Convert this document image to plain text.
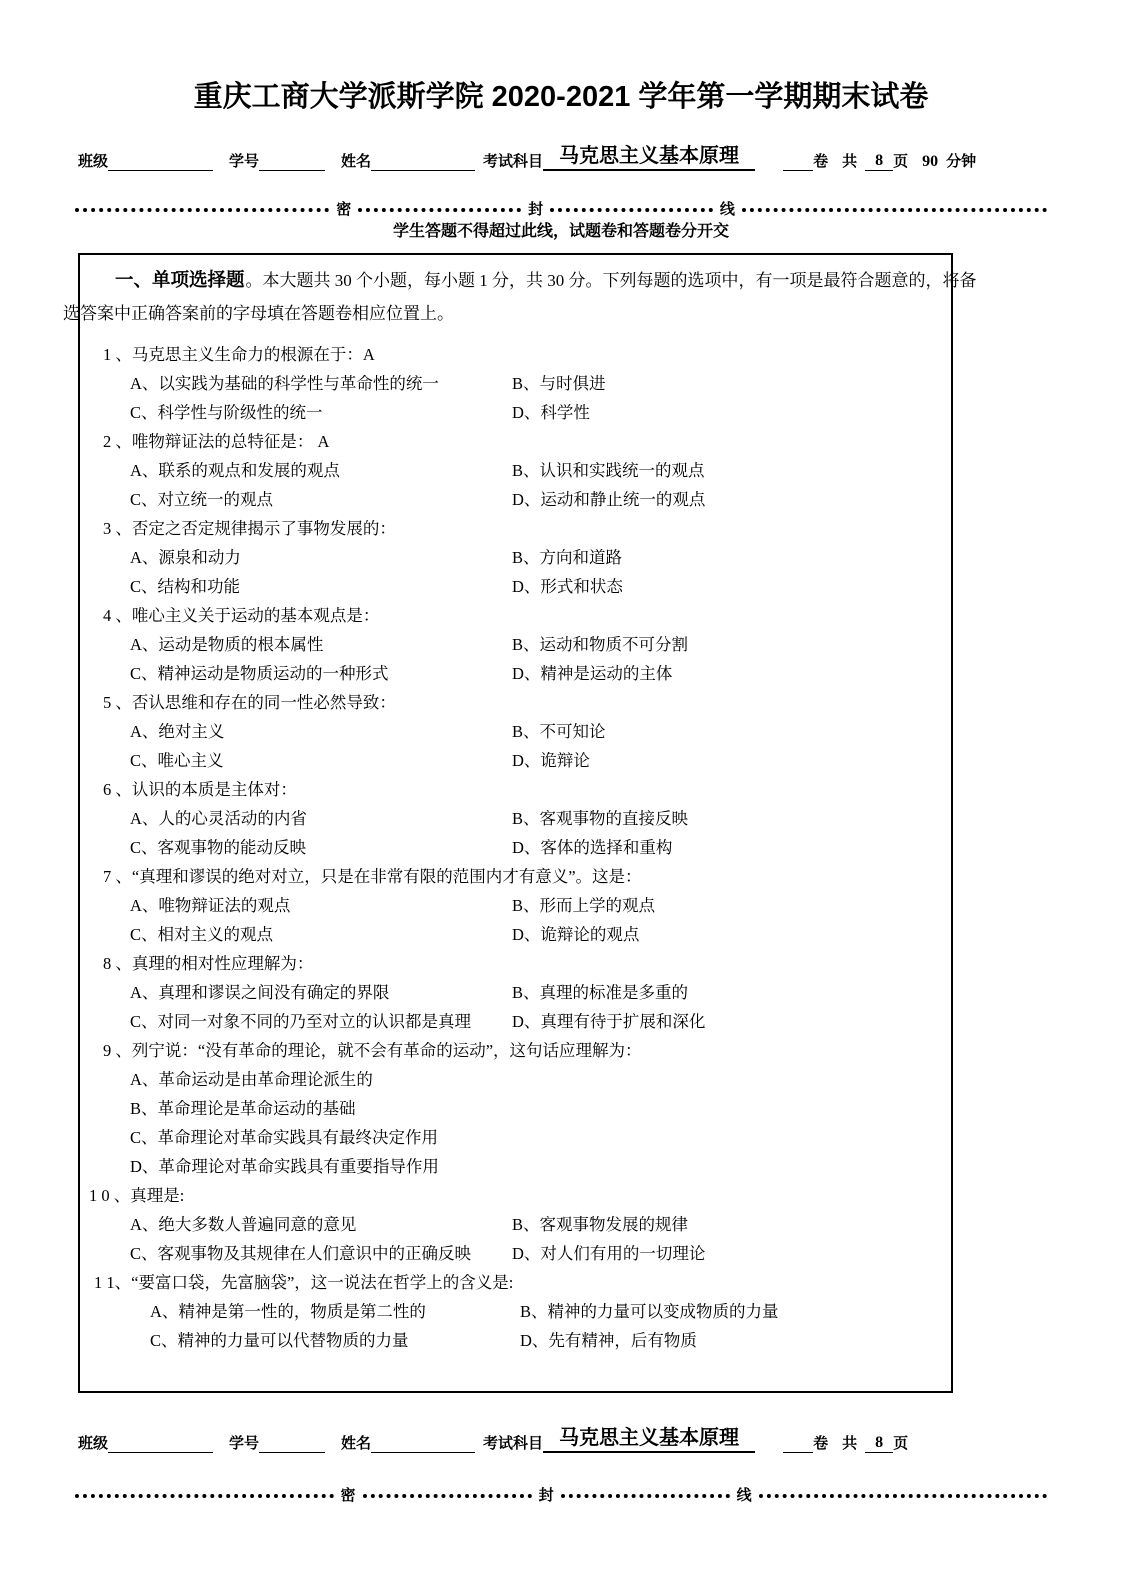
重庆工商大学派斯学院 2020-2021 学年第一学期期末试卷
班级	学号	姓名	考试科目 马克思主义基本原理	卷 共	8 页 90 分钟
密	封	线
学生答题不得超过此线，试题卷和答题卷分开交
一、单项选择题 。本大题共 30 个小题，每小题 1 分，共 30 分。下列每题的选项中，有一项是最符合题意的，将备
选答案中正确答案前的字母填在答题卷相应位置上。
1 、马克思主义生命力的根源在于：A
A、以实践为基础的科学性与革命性的统一	B、与时俱进
C、科学性与阶级性的统一	D、科学性
2 、唯物辩证法的总特征是： A
A、联系的观点和发展的观点	B、认识和实践统一的观点
C、对立统一的观点	D、运动和静止统一的观点
3 、否定之否定规律揭示了事物发展的：
A、源泉和动力	B、方向和道路
C、结构和功能	D、形式和状态
4 、唯心主义关于运动的基本观点是：
A、运动是物质的根本属性	B、运动和物质不可分割
C、精神运动是物质运动的一种形式	D、精神是运动的主体
5 、否认思维和存在的同一性必然导致：
A、绝对主义	B、不可知论
C、唯心主义	D、诡辩论
6 、认识的本质是主体对：
A、人的心灵活动的内省	B、客观事物的直接反映
C、客观事物的能动反映	D、客体的选择和重构
7 、“真理和谬误的绝对对立，只是在非常有限的范围内才有意义”。这是：
A、唯物辩证法的观点	B、形而上学的观点
C、相对主义的观点	D、诡辩论的观点
8 、真理的相对性应理解为：
A、真理和谬误之间没有确定的界限	B、真理的标准是多重的
C、对同一对象不同的乃至对立的认识都是真理	D、真理有待于扩展和深化
9 、列宁说：“没有革命的理论，就不会有革命的运动”，这句话应理解为：
A、革命运动是由革命理论派生的
B、革命理论是革命运动的基础
C、革命理论对革命实践具有最终决定作用
D、革命理论对革命实践具有重要指导作用
1 0 、真理是:
A、绝大多数人普遍同意的意见	B、客观事物发展的规律
C、客观事物及其规律在人们意识中的正确反映	D、对人们有用的一切理论
1 1、“要富口袋，先富脑袋”，这一说法在哲学上的含义是:
A、精神是第一性的，物质是第二性的	B、精神的力量可以变成物质的力量
C、精神的力量可以代替物质的力量	D、先有精神，后有物质
班级	学号	姓名	考试科目 马克思主义基本原理	卷 共	8 页
密	封	线
